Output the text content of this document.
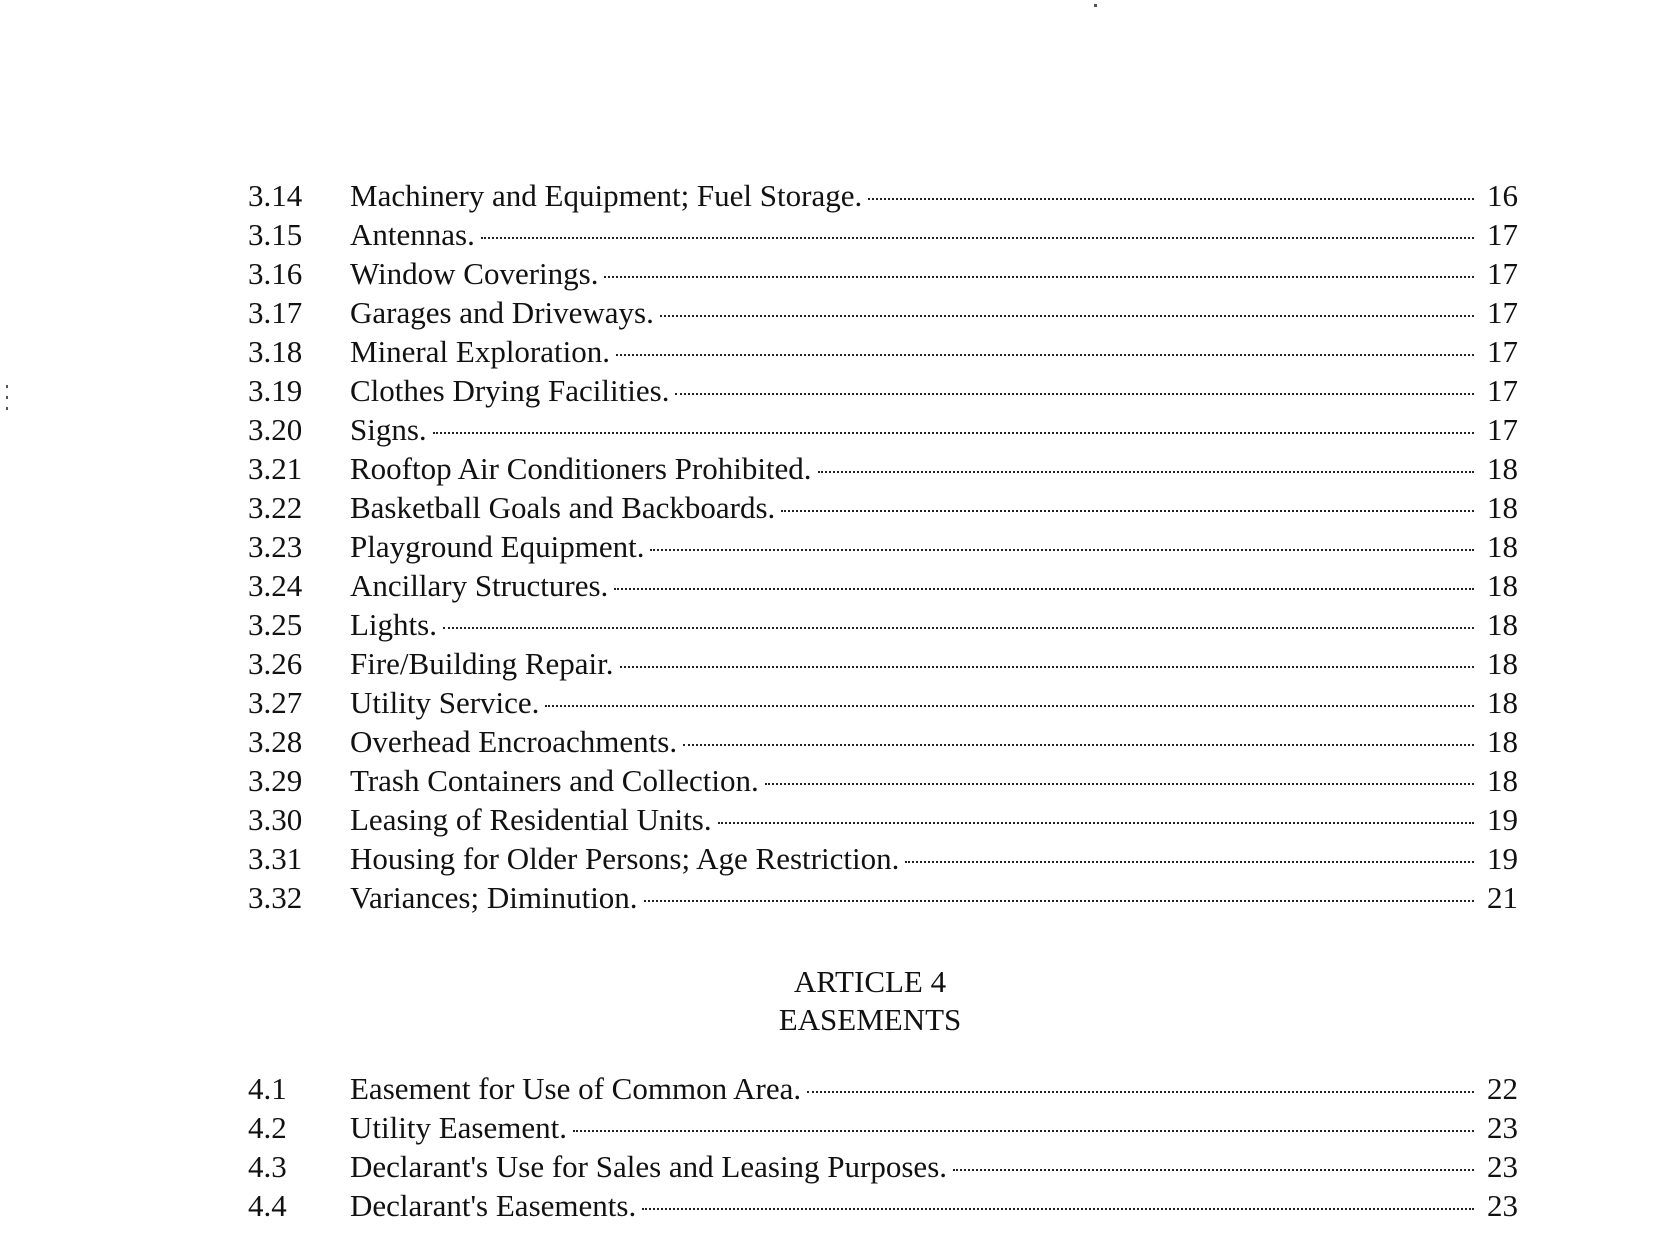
3.14	Machinery and Equipment; Fuel Storage.	16
3.15	Antennas.	17
3.16	Window Coverings.	17
3.17	Garages and Driveways.	17
3.18	Mineral Exploration.	17
3.19	Clothes Drying Facilities.	17
3.20	Signs.	17
3.21	Rooftop Air Conditioners Prohibited.	18
3.22	Basketball Goals and Backboards.	18
3.23	Playground Equipment.	18
3.24	Ancillary Structures.	18
3.25	Lights.	18
3.26	Fire/Building Repair.	18
3.27	Utility Service.	18
3.28	Overhead Encroachments.	18
3.29	Trash Containers and Collection.	18
3.30	Leasing of Residential Units.	19
3.31	Housing for Older Persons; Age Restriction.	19
3.32	Variances; Diminution.	21
ARTICLE 4
EASEMENTS
4.1	Easement for Use of Common Area.	22
4.2	Utility Easement.	23
4.3	Declarant's Use for Sales and Leasing Purposes.	23
4.4	Declarant's Easements.	23
